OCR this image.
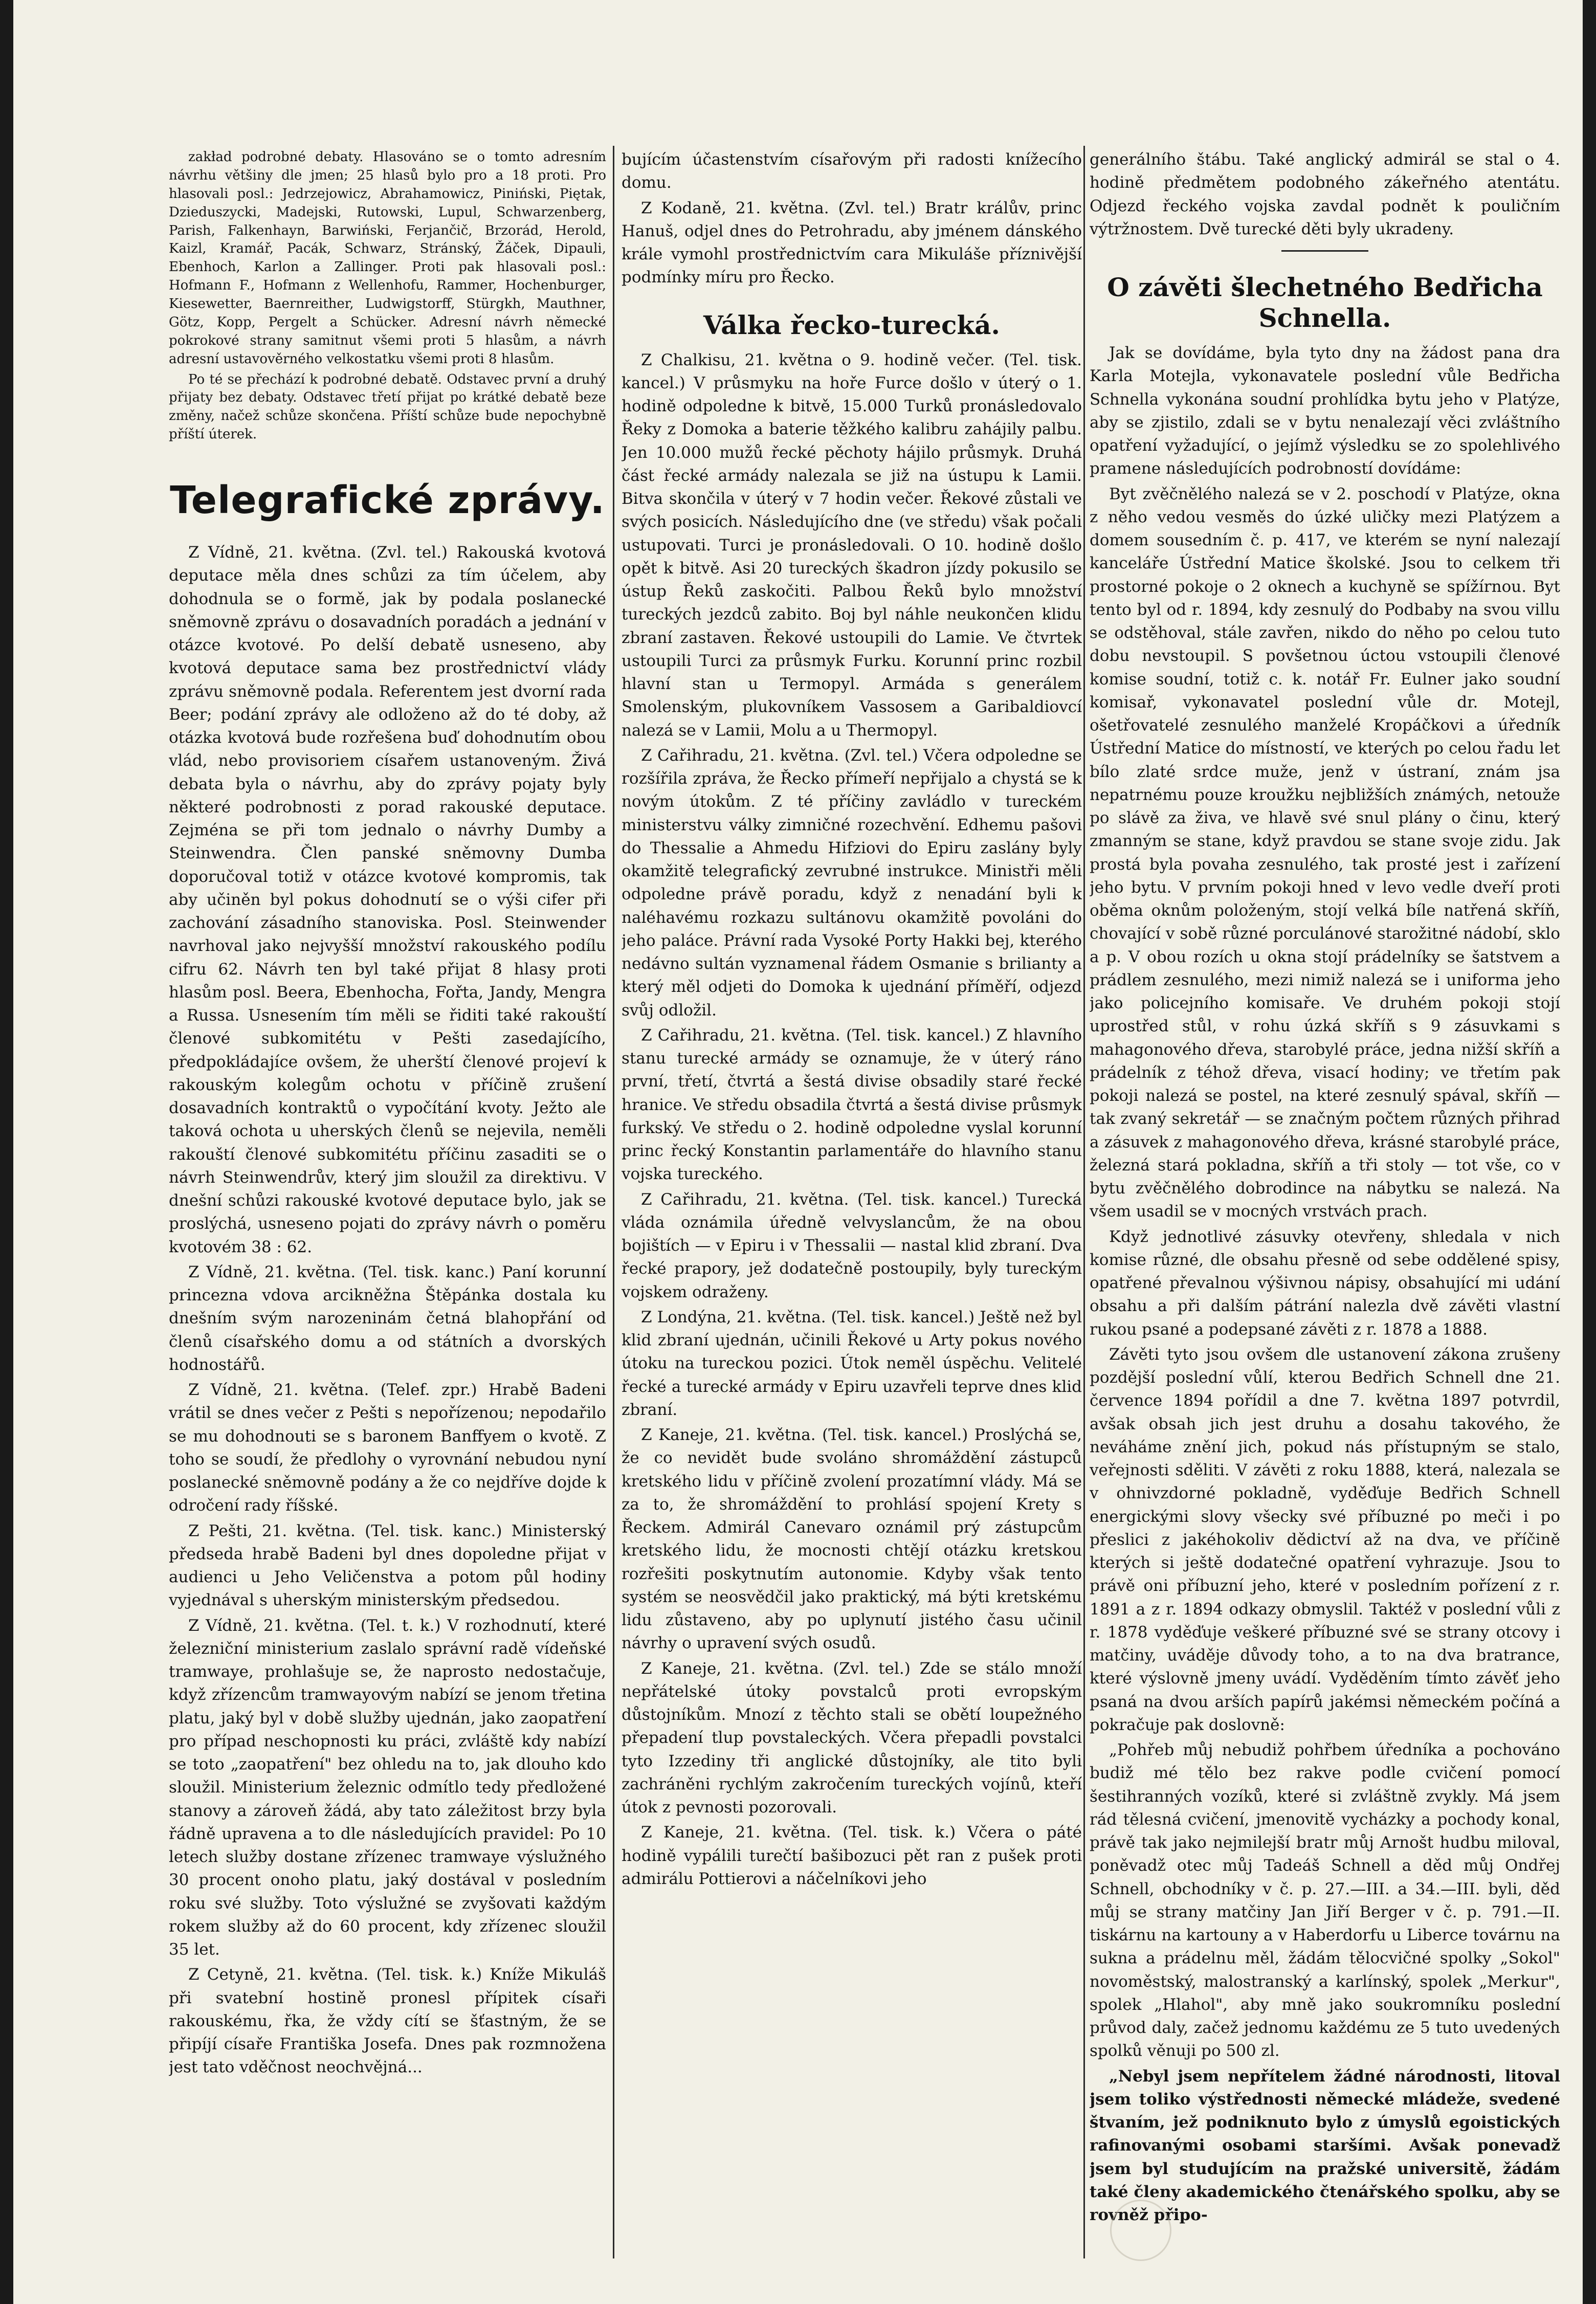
zakład podrobné debaty. Hlasováno se o tomto adresním návrhu většiny dle jmen; 25 hlasů bylo pro a 18 proti. Pro hlasovali posl.: Jedrzejowicz, Abrahamowicz, Piniński, Piętak, Dzieduszycki, Madejski, Rutowski, Lupul, Schwarzenberg, Parish, Falkenhayn, Barwiński, Ferjančič, Brzorád, Herold, Kaizl, Kramář, Pacák, Schwarz, Stránský, Žáček, Dipauli, Ebenhoch, Karlon a Zallinger. Proti pak hlasovali posl.: Hofmann F., Hofmann z Wellenhofu, Rammer, Hochenburger, Kiesewetter, Baernreither, Ludwigstorff, Stürgkh, Mauthner, Götz, Kopp, Pergelt a Schücker. Adresní návrh německé pokrokové strany samitnut všemi proti 5 hlasům, a návrh adresní ustavověrného velkostatku všemi proti 8 hlasům.

Po té se přechází k podrobné debatě. Odstavec první a druhý přijaty bez debaty. Odstavec třetí přijat po krátké debatě beze změny, načež schůze skončena. Příští schůze bude nepochybně příští úterek.

Telegrafické zprávy.

Z Vídně, 21. května. (Zvl. tel.) Rakouská kvotová deputace měla dnes schůzi za tím účelem, aby dohodnula se o formě, jak by podala poslanecké sněmovně zprávu o dosavadních poradách a jednání v otázce kvotové. Po delší debatě usneseno, aby kvotová deputace sama bez prostřednictví vlády zprávu sněmovně podala. Referentem jest dvorní rada Beer; podání zprávy ale odloženo až do té doby, až otázka kvotová bude rozřešena buď dohodnutím obou vlád, nebo provisoriem císařem ustanoveným. Živá debata byla o návrhu, aby do zprávy pojaty byly některé podrobnosti z porad rakouské deputace. Zejména se při tom jednalo o návrhy Dumby a Steinwendra. Člen panské sněmovny Dumba doporučoval totiž v otázce kvotové kompromis, tak aby učiněn byl pokus dohodnutí se o výši cifer při zachování zásadního stanoviska. Posl. Steinwender navrhoval jako nejvyšší množství rakouského podílu cifru 62. Návrh ten byl také přijat 8 hlasy proti hlasům posl. Beera, Ebenhocha, Fořta, Jandy, Mengra a Russa. Usnesením tím měli se řiditi také rakouští členové subkomitétu v Pešti zasedajícího, předpokládajíce ovšem, že uherští členové projeví k rakouským kolegům ochotu v příčině zrušení dosavadních kontraktů o vypočítání kvoty. Ježto ale taková ochota u uherských členů se nejevila, neměli rakouští členové subkomitétu příčinu zasaditi se o návrh Steinwendrův, který jim sloužil za direktivu. V dnešní schůzi rakouské kvotové deputace bylo, jak se proslýchá, usneseno pojati do zprávy návrh o poměru kvotovém 38 : 62.

Z Vídně, 21. května. (Tel. tisk. kanc.) Paní korunní princezna vdova arcikněžna Štěpánka dostala ku dnešním svým narozeninám četná blahopřání od členů císařského domu a od státních a dvorských hodnostářů.

Z Vídně, 21. května. (Telef. zpr.) Hrabě Badeni vrátil se dnes večer z Pešti s nepořízenou; nepodařilo se mu dohodnouti se s baronem Banffyem o kvotě. Z toho se soudí, že předlohy o vyrovnání nebudou nyní poslanecké sněmovně podány a že co nejdříve dojde k odročení rady říšské.

Z Pešti, 21. května. (Tel. tisk. kanc.) Ministerský předseda hrabě Badeni byl dnes dopoledne přijat v audienci u Jeho Veličenstva a potom půl hodiny vyjednával s uherským ministerským předsedou.

Z Vídně, 21. května. (Tel. t. k.) V rozhodnutí, které železniční ministerium zaslalo správní radě vídeňské tramwaye, prohlašuje se, že naprosto nedostačuje, když zřízencům tramwayovým nabízí se jenom třetina platu, jaký byl v době služby ujednán, jako zaopatření pro případ neschopnosti ku práci, zvláště kdy nabízí se toto „zaopatření" bez ohledu na to, jak dlouho kdo sloužil. Ministerium železnic odmítlo tedy předložené stanovy a zároveň žádá, aby tato záležitost brzy byla řádně upravena a to dle následujících pravidel: Po 10 letech služby dostane zřízenec tramwaye výslužného 30 procent onoho platu, jaký dostával v posledním roku své služby. Toto výslužné se zvyšovati každým rokem služby až do 60 procent, kdy zřízenec sloužil 35 let.

Z Cetyně, 21. května. (Tel. tisk. k.) Kníže Mikuláš při svatební hostině pronesl přípitek císaři rakouskému, řka, že vždy cítí se šťastným, že se připíjí císaře Františka Josefa. Dnes pak rozmnožena jest tato vděčnost neochvějná...

bujícím účastenstvím císařovým při radosti knížecího domu.

Z Kodaně, 21. května. (Zvl. tel.) Bratr králův, princ Hanuš, odjel dnes do Petrohradu, aby jménem dánského krále vymohl prostřednictvím cara Mikuláše příznivější podmínky míru pro Řecko.

Válka řecko-turecká.

Z Chalkisu, 21. května o 9. hodině večer. (Tel. tisk. kancel.) V průsmyku na hoře Furce došlo v úterý o 1. hodině odpoledne k bitvě, 15.000 Turků pronásledovalo Řeky z Domoka a baterie těžkého kalibru zahájily palbu. Jen 10.000 mužů řecké pěchoty hájilo průsmyk. Druhá část řecké armády nalezala se již na ústupu k Lamii. Bitva skončila v úterý v 7 hodin večer. Řekové zůstali ve svých posicích. Následujícího dne (ve středu) však počali ustupovati. Turci je pronásledovali. O 10. hodině došlo opět k bitvě. Asi 20 tureckých škadron jízdy pokusilo se ústup Řeků zaskočiti. Palbou Řeků bylo množství tureckých jezdců zabito. Boj byl náhle neukončen klidu zbraní zastaven. Řekové ustoupili do Lamie. Ve čtvrtek ustoupili Turci za průsmyk Furku. Korunní princ rozbil hlavní stan u Termopyl. Armáda s generálem Smolenským, plukovníkem Vassosem a Garibaldiovcí nalezá se v Lamii, Molu a u Thermopyl.

Z Cařihradu, 21. května. (Zvl. tel.) Včera odpoledne se rozšířila zpráva, že Řecko přímeří nepřijalo a chystá se k novým útokům. Z té příčiny zavládlo v tureckém ministerstvu války zimničné rozechvění. Edhemu pašovi do Thessalie a Ahmedu Hifziovi do Epiru zaslány byly okamžitě telegrafický zevrubné instrukce. Ministři měli odpoledne právě poradu, když z nenadání byli k naléhavému rozkazu sultánovu okamžitě povoláni do jeho paláce. Právní rada Vysoké Porty Hakki bej, kterého nedávno sultán vyznamenal řádem Osmanie s brilianty a který měl odjeti do Domoka k ujednání příměří, odjezd svůj odložil.

Z Cařihradu, 21. května. (Tel. tisk. kancel.) Z hlavního stanu turecké armády se oznamuje, že v úterý ráno první, třetí, čtvrtá a šestá divise obsadily staré řecké hranice. Ve středu obsadila čtvrtá a šestá divise průsmyk furkský. Ve středu o 2. hodině odpoledne vyslal korunní princ řecký Konstantin parlamentáře do hlavního stanu vojska tureckého.

Z Cařihradu, 21. května. (Tel. tisk. kancel.) Turecká vláda oznámila úředně velvyslancům, že na obou bojištích — v Epiru i v Thessalii — nastal klid zbraní. Dva řecké prapory, jež dodatečně postoupily, byly tureckým vojskem odraženy.

Z Londýna, 21. května. (Tel. tisk. kancel.) Ještě než byl klid zbraní ujednán, učinili Řekové u Arty pokus nového útoku na tureckou pozici. Útok neměl úspěchu. Velitelé řecké a turecké armády v Epiru uzavřeli teprve dnes klid zbraní.

Z Kaneje, 21. května. (Tel. tisk. kancel.) Proslýchá se, že co nevidět bude svoláno shromáždění zástupců kretského lidu v příčině zvolení prozatímní vlády. Má se za to, že shromáždění to prohlásí spojení Krety s Řeckem. Admirál Canevaro oznámil prý zástupcům kretského lidu, že mocnosti chtějí otázku kretskou rozřešiti poskytnutím autonomie. Kdyby však tento systém se neosvědčil jako praktický, má býti kretskému lidu zůstaveno, aby po uplynutí jistého času učinil návrhy o upravení svých osudů.

Z Kaneje, 21. května. (Zvl. tel.) Zde se stálo množí nepřátelské útoky povstalců proti evropským důstojníkům. Mnozí z těchto stali se obětí loupežného přepadení tlup povstaleckých. Včera přepadli povstalci tyto Izzediny tři anglické důstojníky, ale tito byli zachráněni rychlým zakročením tureckých vojínů, kteří útok z pevnosti pozorovali.

Z Kaneje, 21. května. (Tel. tisk. k.) Včera o páté hodině vypálili turečtí bašibozuci pět ran z pušek proti admirálu Pottierovi a náčelníkovi jeho

generálního štábu. Také anglický admirál se stal o 4. hodině předmětem podobného zákeřného atentátu. Odjezd řeckého vojska zavdal podnět k pouličním výtržnostem. Dvě turecké děti byly ukradeny.

O závěti šlechetného Bedřicha Schnella.

Jak se dovídáme, byla tyto dny na žádost pana dra Karla Motejla, vykonavatele poslední vůle Bedřicha Schnella vykonána soudní prohlídka bytu jeho v Platýze, aby se zjistilo, zdali se v bytu nenalezají věci zvláštního opatření vyžadující, o jejímž výsledku se zo spolehlivého pramene následujících podrobností dovídáme:

Byt zvěčnělého nalezá se v 2. poschodí v Platýze, okna z něho vedou vesměs do úzké uličky mezi Platýzem a domem sousedním č. p. 417, ve kterém se nyní nalezají kanceláře Ústřední Matice školské. Jsou to celkem tři prostorné pokoje o 2 oknech a kuchyně se spížírnou. Byt tento byl od r. 1894, kdy zesnulý do Podbaby na svou villu se odstěhoval, stále zavřen, nikdo do něho po celou tuto dobu nevstoupil. S povšetnou úctou vstoupili členové komise soudní, totiž c. k. notář Fr. Eulner jako soudní komisař, vykonavatel poslední vůle dr. Motejl, ošetřovatelé zesnulého manželé Kropáčkovi a úředník Ústřední Matice do místností, ve kterých po celou řadu let bílo zlaté srdce muže, jenž v ústraní, znám jsa nepatrnému pouze kroužku nejbližších známých, netouže po slávě za živa, ve hlavě své snul plány o činu, který zmanným se stane, když pravdou se stane svoje zidu. Jak prostá byla povaha zesnulého, tak prosté jest i zařízení jeho bytu. V prvním pokoji hned v levo vedle dveří proti oběma oknům položeným, stojí velká bíle natřená skříň, chovající v sobě různé porculánové starožitné nádobí, sklo a p. V obou rozích u okna stojí prádelníky se šatstvem a prádlem zesnulého, mezi nimiž nalezá se i uniforma jeho jako policejního komisaře. Ve druhém pokoji stojí uprostřed stůl, v rohu úzká skříň s 9 zásuvkami s mahagonového dřeva, starobylé práce, jedna nižší skříň a prádelník z téhož dřeva, visací hodiny; ve třetím pak pokoji nalezá se postel, na které zesnulý spával, skříň — tak zvaný sekretář — se značným počtem různých přihrad a zásuvek z mahagonového dřeva, krásné starobylé práce, železná stará pokladna, skříň a tři stoly — tot vše, co v bytu zvěčnělého dobrodince na nábytku se nalezá. Na všem usadil se v mocných vrstvách prach.

Když jednotlivé zásuvky otevřeny, shledala v nich komise různé, dle obsahu přesně od sebe oddělené spisy, opatřené převalnou výšivnou nápisy, obsahující mi udání obsahu a při dalším pátrání nalezla dvě závěti vlastní rukou psané a podepsané závěti z r. 1878 a 1888.

Závěti tyto jsou ovšem dle ustanovení zákona zrušeny pozdější poslední vůlí, kterou Bedřich Schnell dne 21. července 1894 pořídil a dne 7. května 1897 potvrdil, avšak obsah jich jest druhu a dosahu takového, že neváháme znění jich, pokud nás přístupným se stalo, veřejnosti sděliti. V závěti z roku 1888, která, nalezala se v ohnivzdorné pokladně, vyděďuje Bedřich Schnell energickými slovy všecky své příbuzné po meči i po přeslici z jakéhokoliv dědictví až na dva, ve příčině kterých si ještě dodatečné opatření vyhrazuje. Jsou to právě oni příbuzní jeho, které v posledním pořízení z r. 1891 a z r. 1894 odkazy obmyslil. Taktéž v poslední vůli z r. 1878 vyděďuje veškeré příbuzné své se strany otcovy i matčiny, uváděje důvody toho, a to na dva bratrance, které výslovně jmeny uvádí. Vyděděním tímto závěť jeho psaná na dvou arších papírů jakémsi německém počíná a pokračuje pak doslovně:

„Pohřeb můj nebudiž pohřbem úředníka a pochováno budiž mé tělo bez rakve podle cvičení pomocí šestihranných vozíků, které si zvláštně zvykly. Má jsem rád tělesná cvičení, jmenovitě vycházky a pochody konal, právě tak jako nejmilejší bratr můj Arnošt hudbu miloval, poněvadž otec můj Tadeáš Schnell a děd můj Ondřej Schnell, obchodníky v č. p. 27.—III. a 34.—III. byli, děd můj se strany matčiny Jan Jiří Berger v č. p. 791.—II. tiskárnu na kartouny a v Haberdorfu u Liberce továrnu na sukna a prádelnu měl, žádám tělocvičné spolky „Sokol" novoměstský, malostranský a karlínský, spolek „Merkur", spolek „Hlahol", aby mně jako soukromníku poslední průvod daly, začež jednomu každému ze 5 tuto uvedených spolků věnuji po 500 zl.

„Nebyl jsem nepřítelem žádné národnosti, litoval jsem toliko výstřednosti německé mládeže, svedené štvaním, jež podniknuto bylo z úmyslů egoistických rafinovanými osobami staršími. Avšak ponevadž jsem byl studujícím na pražské universitě, žádám také členy akademického čtenářského spolku, aby se rovněž připo-
